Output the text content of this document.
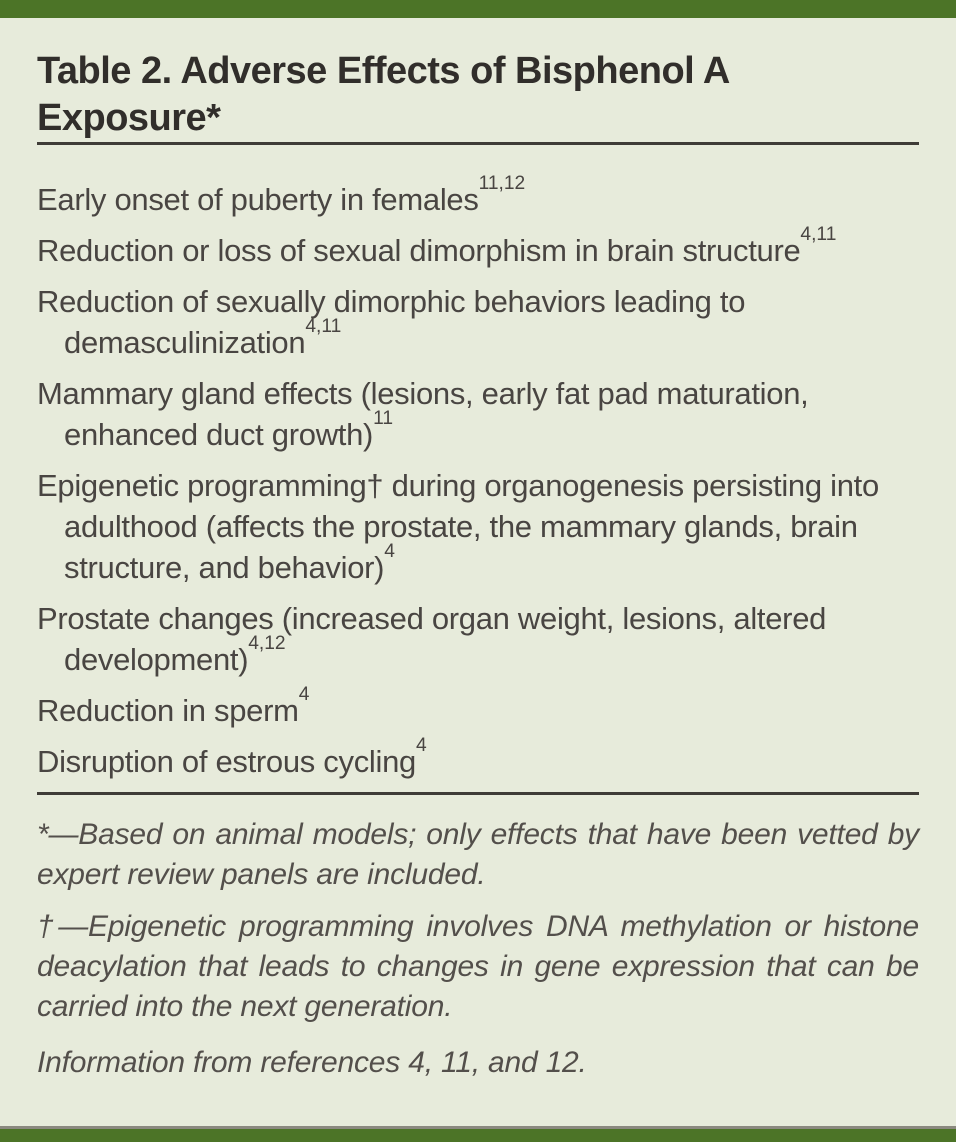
Table 2. Adverse Effects of Bisphenol A Exposure*

Early onset of puberty in females$^{11,12}$

Reduction or loss of sexual dimorphism in brain structure$^{4,11}$

Reduction of sexually dimorphic behaviors leading to demasculinization$^{4,11}$

Mammary gland effects (lesions, early fat pad maturation, enhanced duct growth)$^{11}$

Epigenetic programming† during organogenesis persisting into adulthood (affects the prostate, the mammary glands, brain structure, and behavior)$^4$

Prostate changes (increased organ weight, lesions, altered development)$^{4,12}$

Reduction in sperm$^4$

Disruption of estrous cycling$^4$

*—Based on animal models; only effects that have been vetted by expert review panels are included.

†—Epigenetic programming involves DNA methylation or histone deacylation that leads to changes in gene expression that can be carried into the next generation.

Information from references 4, 11, and 12.
